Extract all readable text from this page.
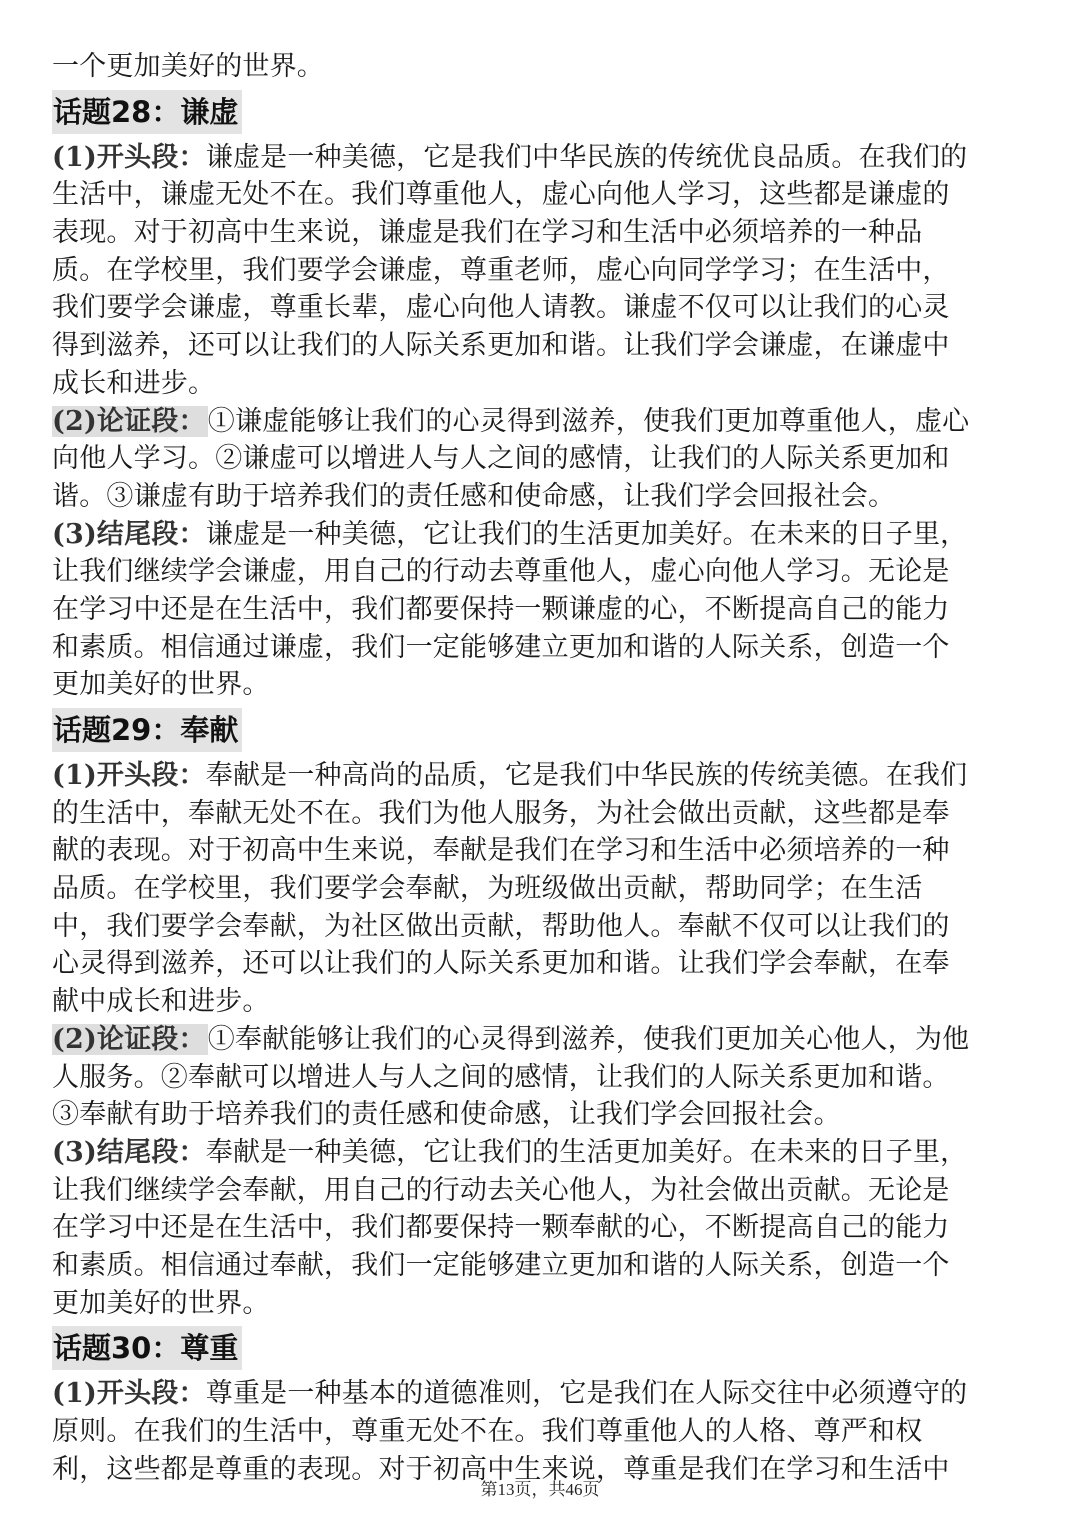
一个更加美好的世界。
话题28：谦虚
(1)开头段：谦虚是一种美德，它是我们中华民族的传统优良品质。在我们的
生活中，谦虚无处不在。我们尊重他人，虚心向他人学习，这些都是谦虚的
表现。对于初高中生来说，谦虚是我们在学习和生活中必须培养的一种品
质。在学校里，我们要学会谦虚，尊重老师，虚心向同学学习；在生活中，
我们要学会谦虚，尊重长辈，虚心向他人请教。谦虚不仅可以让我们的心灵
得到滋养，还可以让我们的人际关系更加和谐。让我们学会谦虚，在谦虚中
成长和进步。
(2)论证段：①谦虚能够让我们的心灵得到滋养，使我们更加尊重他人，虚心
向他人学习。②谦虚可以增进人与人之间的感情，让我们的人际关系更加和
谐。③谦虚有助于培养我们的责任感和使命感，让我们学会回报社会。
(3)结尾段：谦虚是一种美德，它让我们的生活更加美好。在未来的日子里，
让我们继续学会谦虚，用自己的行动去尊重他人，虚心向他人学习。无论是
在学习中还是在生活中，我们都要保持一颗谦虚的心，不断提高自己的能力
和素质。相信通过谦虚，我们一定能够建立更加和谐的人际关系，创造一个
更加美好的世界。
话题29：奉献
(1)开头段：奉献是一种高尚的品质，它是我们中华民族的传统美德。在我们
的生活中，奉献无处不在。我们为他人服务，为社会做出贡献，这些都是奉
献的表现。对于初高中生来说，奉献是我们在学习和生活中必须培养的一种
品质。在学校里，我们要学会奉献，为班级做出贡献，帮助同学；在生活
中，我们要学会奉献，为社区做出贡献，帮助他人。奉献不仅可以让我们的
心灵得到滋养，还可以让我们的人际关系更加和谐。让我们学会奉献，在奉
献中成长和进步。
(2)论证段：①奉献能够让我们的心灵得到滋养，使我们更加关心他人，为他
人服务。②奉献可以增进人与人之间的感情，让我们的人际关系更加和谐。
③奉献有助于培养我们的责任感和使命感，让我们学会回报社会。
(3)结尾段：奉献是一种美德，它让我们的生活更加美好。在未来的日子里，
让我们继续学会奉献，用自己的行动去关心他人，为社会做出贡献。无论是
在学习中还是在生活中，我们都要保持一颗奉献的心，不断提高自己的能力
和素质。相信通过奉献，我们一定能够建立更加和谐的人际关系，创造一个
更加美好的世界。
话题30：尊重
(1)开头段：尊重是一种基本的道德准则，它是我们在人际交往中必须遵守的
原则。在我们的生活中，尊重无处不在。我们尊重他人的人格、尊严和权
利，这些都是尊重的表现。对于初高中生来说，尊重是我们在学习和生活中
第13页，共46页
